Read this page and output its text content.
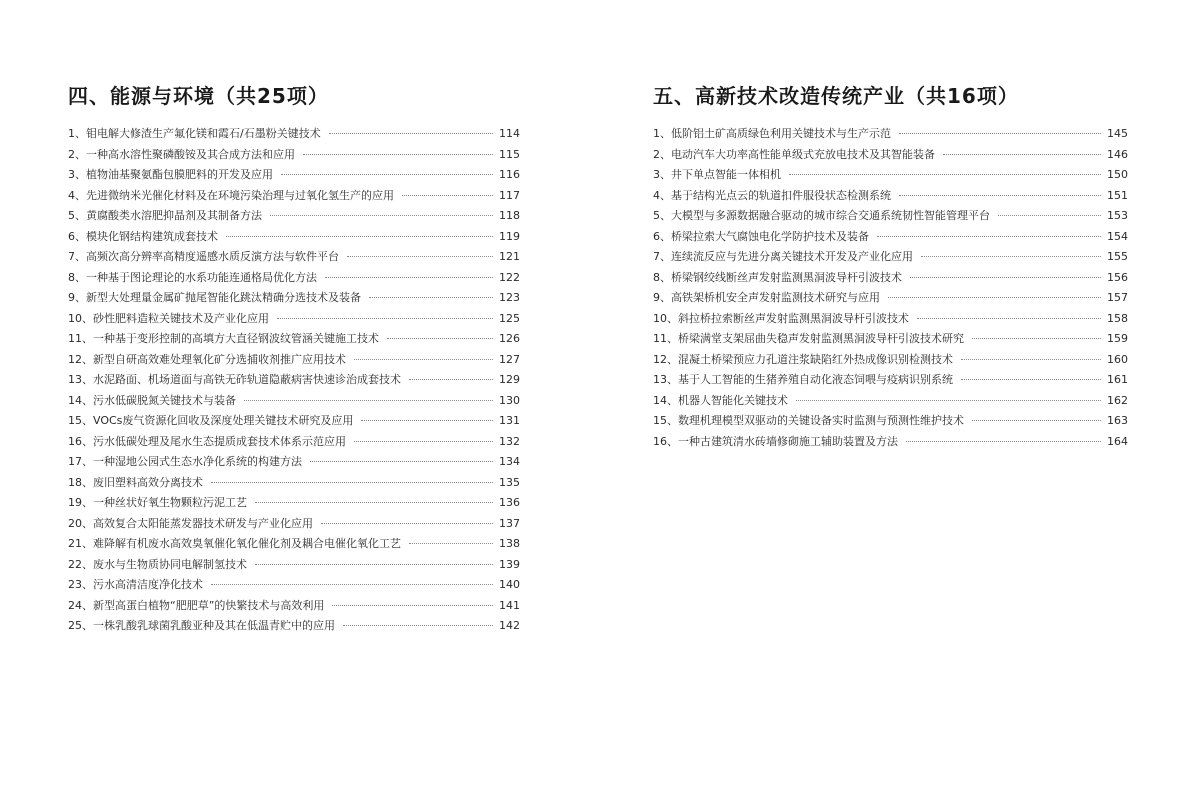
四、能源与环境（共25项）
1、 钼电解大修渣生产氟化镁和霞石/石墨粉关键技术	114
2、 一种高水溶性聚磷酸铵及其合成方法和应用	115
3、 植物油基聚氨酯包膜肥料的开发及应用	116
4、 先进微纳米光催化材料及在环境污染治理与过氧化氢生产的应用	117
5、 黄腐酸类水溶肥抑晶剂及其制备方法	118
6、 模块化钢结构建筑成套技术	119
7、 高频次高分辨率高精度遥感水质反演方法与软件平台	121
8、 一种基于图论理论的水系功能连通格局优化方法	122
9、 新型大处理量金属矿抛尾智能化跳汰精确分选技术及装备	123
10、 砂性肥料造粒关键技术及产业化应用	125
11、 一种基于变形控制的高填方大直径钢波纹管涵关键施工技术	126
12、 新型自研高效难处理氧化矿分选捕收剂推广应用技术	127
13、 水泥路面、机场道面与高铁无砟轨道隐蔽病害快速诊治成套技术	129
14、 污水低碳脱氮关键技术与装备	130
15、 VOCs废气资源化回收及深度处理关键技术研究及应用	131
16、 污水低碳处理及尾水生态提质成套技术体系示范应用	132
17、 一种湿地公园式生态水净化系统的构建方法	134
18、 废旧塑料高效分离技术	135
19、 一种丝状好氧生物颗粒污泥工艺	136
20、 高效复合太阳能蒸发器技术研发与产业化应用	137
21、 难降解有机废水高效臭氧催化氧化催化剂及耦合电催化氧化工艺	138
22、 废水与生物质协同电解制氢技术	139
23、 污水高清洁度净化技术	140
24、 新型高蛋白植物“肥肥草”的快繁技术与高效利用	141
25、 一株乳酸乳球菌乳酸亚种及其在低温青贮中的应用	142
五、高新技术改造传统产业（共16项）
1、 低阶铝土矿高质绿色利用关键技术与生产示范	145
2、 电动汽车大功率高性能单级式充放电技术及其智能装备	146
3、 井下单点智能一体相机	150
4、 基于结构光点云的轨道扣件服役状态检测系统	151
5、 大模型与多源数据融合驱动的城市综合交通系统韧性智能管理平台	153
6、 桥梁拉索大气腐蚀电化学防护技术及装备	154
7、 连续流反应与先进分离关键技术开发及产业化应用	155
8、 桥梁钢绞线断丝声发射监测黑洞波导杆引波技术	156
9、 高铁架桥机安全声发射监测技术研究与应用	157
10、 斜拉桥拉索断丝声发射监测黑洞波导杆引波技术	158
11、 桥梁满堂支架屈曲失稳声发射监测黑洞波导杆引波技术研究	159
12、 混凝土桥梁预应力孔道注浆缺陷红外热成像识别检测技术	160
13、 基于人工智能的生猪养殖自动化液态饲喂与疫病识别系统	161
14、 机器人智能化关键技术	162
15、 数理机理模型双驱动的关键设备实时监测与预测性维护技术	163
16、 一种古建筑清水砖墙修砌施工辅助装置及方法	164
